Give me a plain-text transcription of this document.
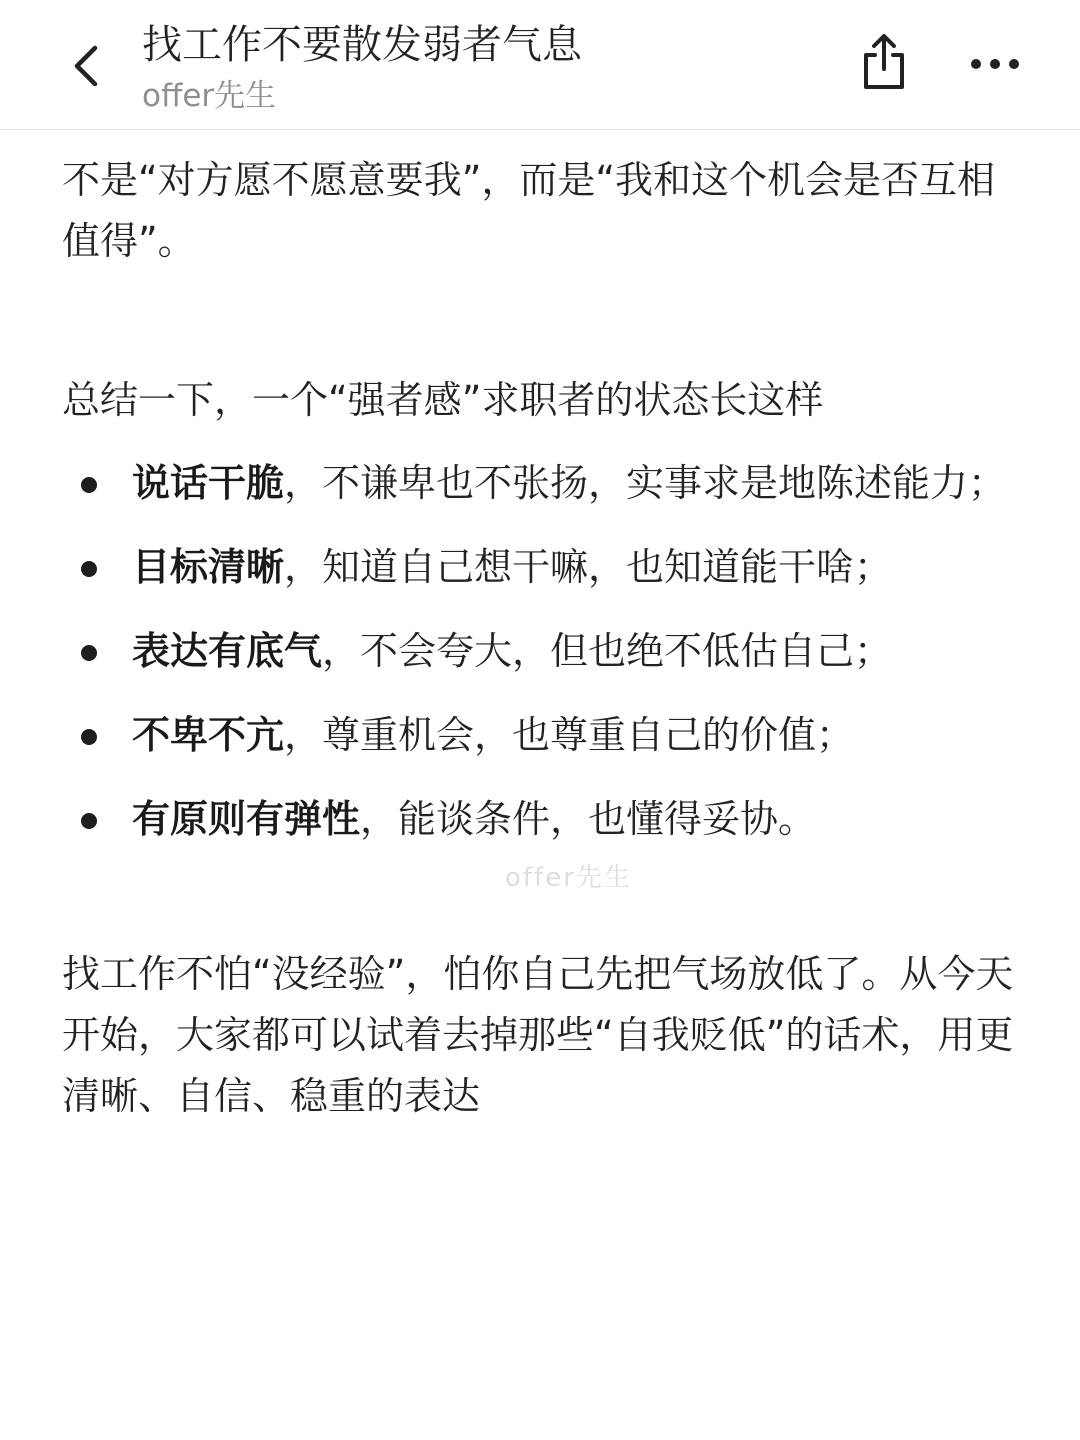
找工作不要散发弱者气息
offer先生

不是“对方愿不愿意要我”，而是“我和这个机会是否互相值得”。

总结一下，一个“强者感”求职者的状态长这样

说话干脆，不谦卑也不张扬，实事求是地陈述能力；
目标清晰，知道自己想干嘛，也知道能干啥；
表达有底气，不会夸大，但也绝不低估自己；
不卑不亢，尊重机会，也尊重自己的价值；
有原则有弹性，能谈条件，也懂得妥协。

找工作不怕“没经验”，怕你自己先把气场放低了。从今天开始，大家都可以试着去掉那些“自我贬低”的话术，用更清晰、自信、稳重的表达

offer先生
